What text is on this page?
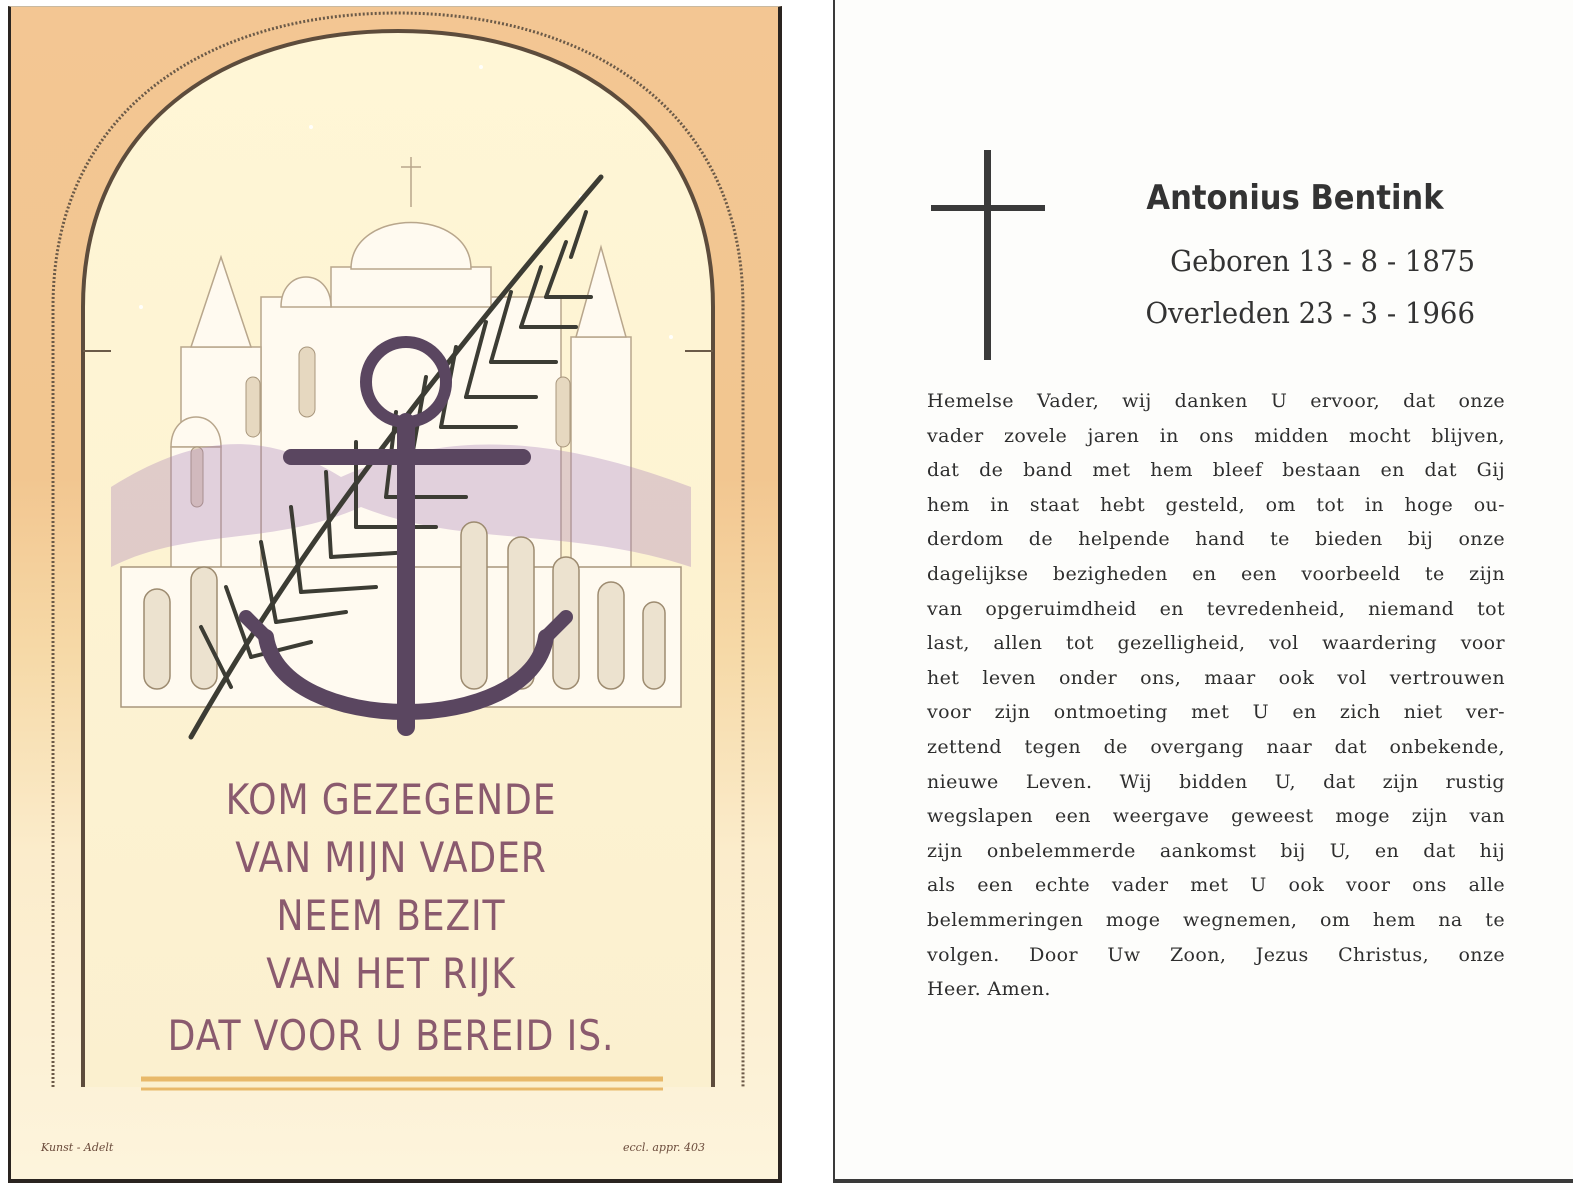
KOM GEZEGENDE
VAN MIJN VADER
NEEM BEZIT
VAN HET RIJK
DAT VOOR U BEREID IS.
Kunst - Adelt	eccl. appr. 403
Antonius Bentink
Geboren 13 - 8 - 1875
Overleden 23 - 3 - 1966
Hemelse Vader, wij danken U ervoor, dat onze
vader zovele jaren in ons midden mocht blijven,
dat de band met hem bleef bestaan en dat Gij
hem in staat hebt gesteld, om tot in hoge ou-
derdom de helpende hand te bieden bij onze
dagelijkse bezigheden en een voorbeeld te zijn
van opgeruimdheid en tevredenheid, niemand tot
last, allen tot gezelligheid, vol waardering voor
het leven onder ons, maar ook vol vertrouwen
voor zijn ontmoeting met U en zich niet ver-
zettend tegen de overgang naar dat onbekende,
nieuwe Leven. Wij bidden U, dat zijn rustig
wegslapen een weergave geweest moge zijn van
zijn onbelemmerde aankomst bij U, en dat hij
als een echte vader met U ook voor ons alle
belemmeringen moge wegnemen, om hem na te
volgen. Door Uw Zoon, Jezus Christus, onze
Heer. Amen.
